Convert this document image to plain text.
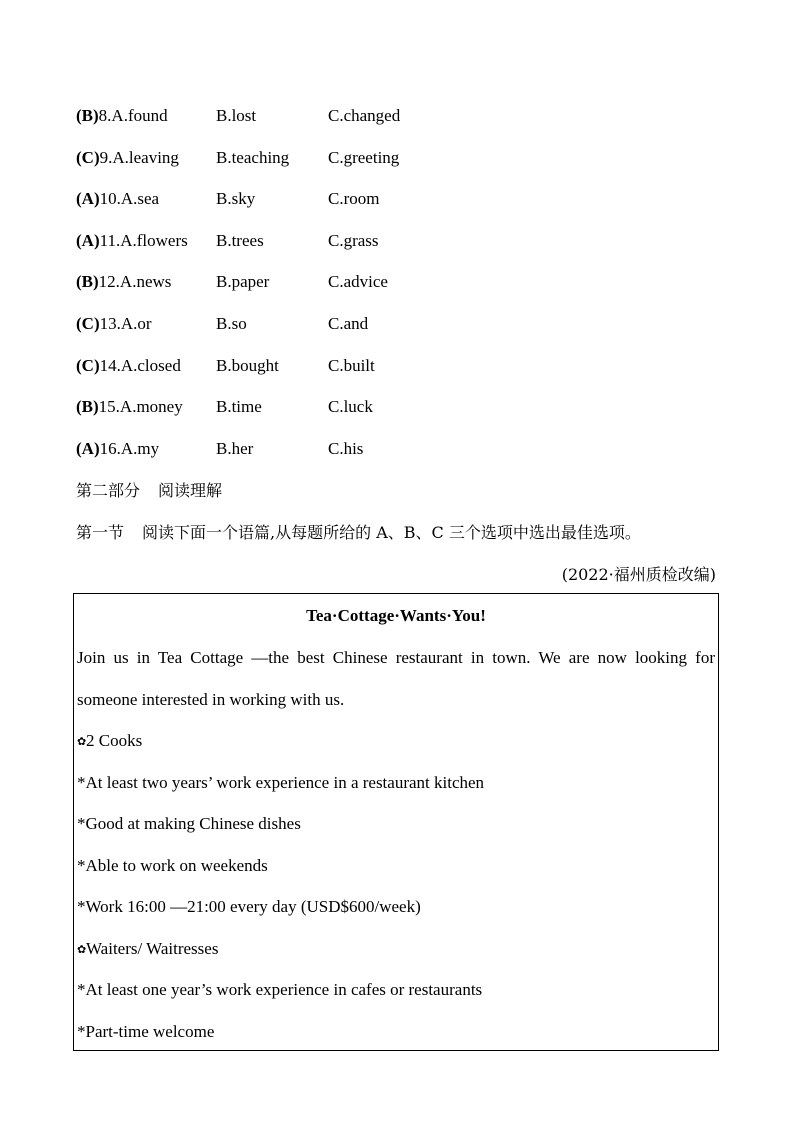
(B)8.A.found	B.lost	C.changed
(C)9.A.leaving B.teaching C.greeting
(A)10.A.sea	B.sky	C.room
(A)11.A.flowers B.trees	C.grass
(B)12.A.news	B.paper	C.advice
(C)13.A.or	B.so	C.and
(C)14.A.closed B.bought	C.built
(B)15.A.money B.time	C.luck
(A)16.A.my	B.her	C.his
第二部分 阅读理解
第一节 阅读下面一个语篇,从每题所给的 A、B、C 三个选项中选出最佳选项。
(2022·福州质检改编)
Tea·Cottage·Wants·You!
Join us in Tea Cottage —the best Chinese restaurant in town. We are now looking for
someone interested in working with us.
✿2 Cooks
*At least two years’ work experience in a restaurant kitchen
*Good at making Chinese dishes
*Able to work on weekends
*Work 16:00 —21:00 every day (USD$600/week)
✿Waiters/ Waitresses
*At least one year’s work experience in cafes or restaurants
*Part-time welcome
